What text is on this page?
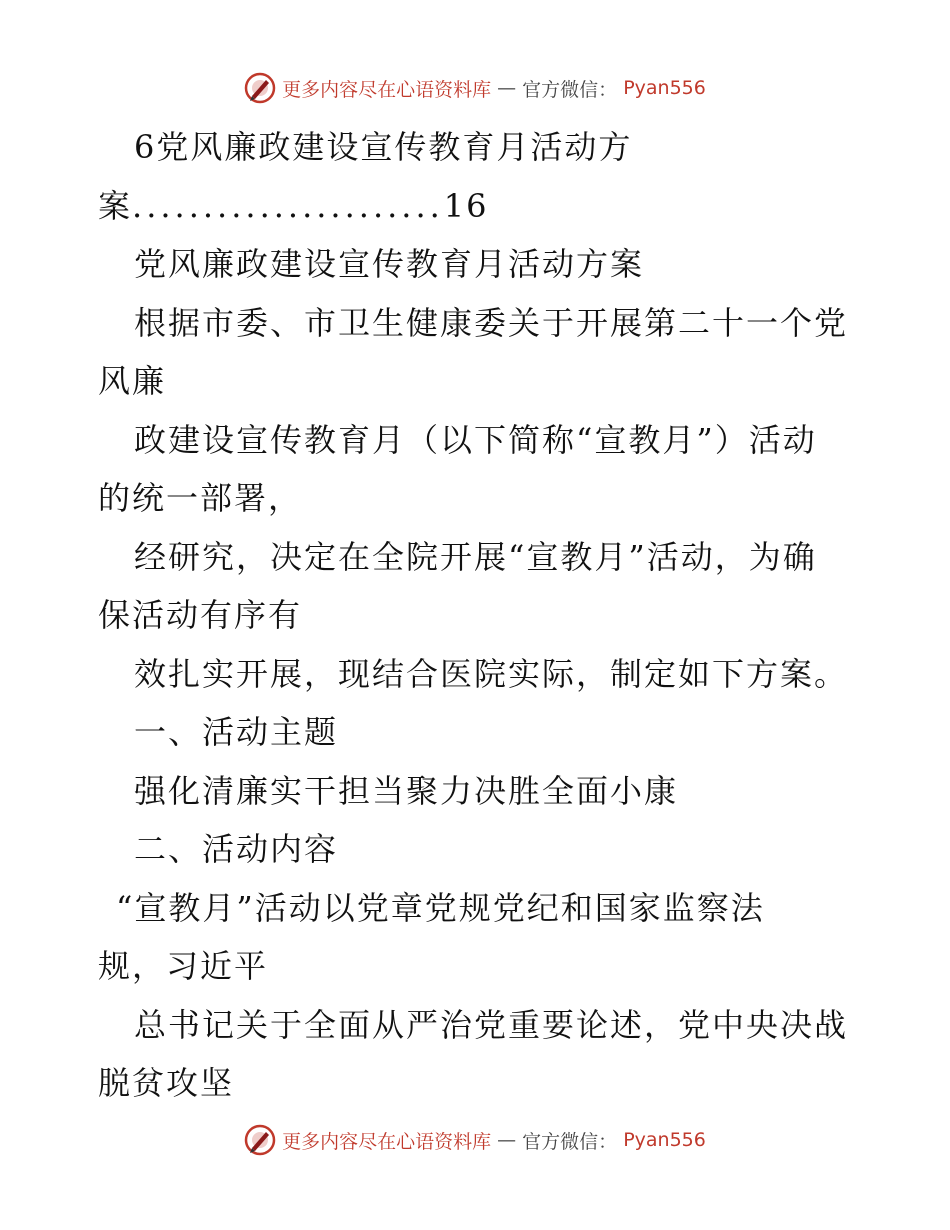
更多内容尽在心语资料库 — 官方微信： Pyan556
6党风廉政建设宣传教育月活动方
案......................16
党风廉政建设宣传教育月活动方案
根据市委、市卫生健康委关于开展第二十一个党
风廉
政建设宣传教育月（以下简称“宣教月”）活动
的统一部署，
经研究，决定在全院开展“宣教月”活动，为确
保活动有序有
效扎实开展，现结合医院实际，制定如下方案。
一、活动主题
强化清廉实干担当聚力决胜全面小康
二、活动内容
“宣教月”活动以党章党规党纪和国家监察法
规，习近平
总书记关于全面从严治党重要论述，党中央决战
脱贫攻坚
更多内容尽在心语资料库 — 官方微信： Pyan556
